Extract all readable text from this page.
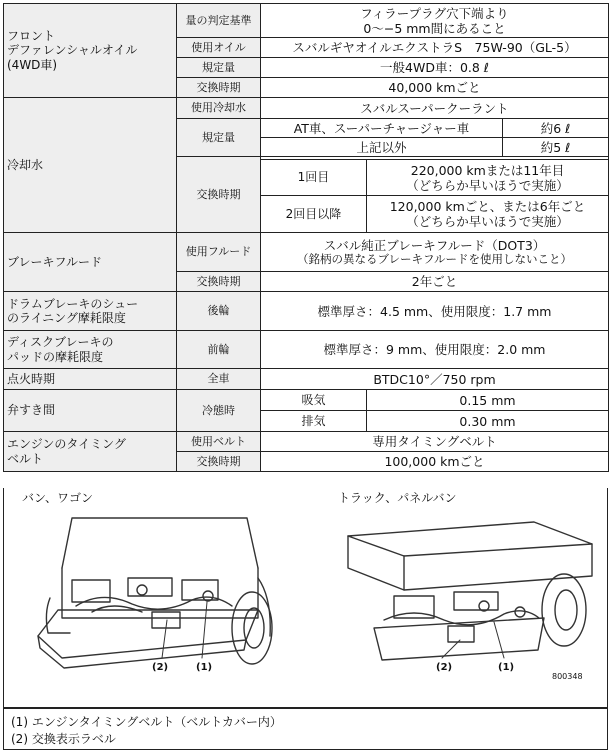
フロント
デファレンシャルオイル
(4WD車)	量の判定基準	フィラープラグ穴下端より
0〜−5 mm間にあること		

	使用オイル	スバルギヤオイルエクストラS　75W-90（GL-5）		
	規定量	一般4WD車：0.8 ℓ		
	交換時期	40,000 kmごと		
冷却水	使用冷却水	スバルスーパークーラント		
	規定量	AT車、スーパーチャージャー車		約6 ℓ
		上記以外		約5 ℓ
	交換時期			
		1回目	220,000 kmまたは11年目
（どちらか早いほうで実施）	

		2回目以降	120,000 kmごと、または6年ごと
（どちらか早いほうで実施）	

ブレーキフルード	使用フルード	スバル純正ブレーキフルード（DOT3）
（銘柄の異なるブレーキフルードを使用しないこと）		

	交換時期	2年ごと		

ドラムブレーキのシュー
のライニング摩耗限度	後輪	標準厚さ：4.5 mm、使用限度：1.7 mm		

ディスクブレーキの
パッドの摩耗限度	前輪	標準厚さ：9 mm、使用限度：2.0 mm		
点火時期	全車	BTDC10°／750 rpm		
弁すき間	冷態時	吸気	0.15 mm	
		排気	0.30 mm	

エンジンのタイミング
ベルト	使用ベルト	専用タイミングベルト		
	交換時期	100,000 kmごと		
バン、ワゴン	トラック、パネルバン
(2)	(1)	(2)	(1)
800348
(1) エンジンタイミングベルト（ベルトカバー内）
(2) 交換表示ラベル
